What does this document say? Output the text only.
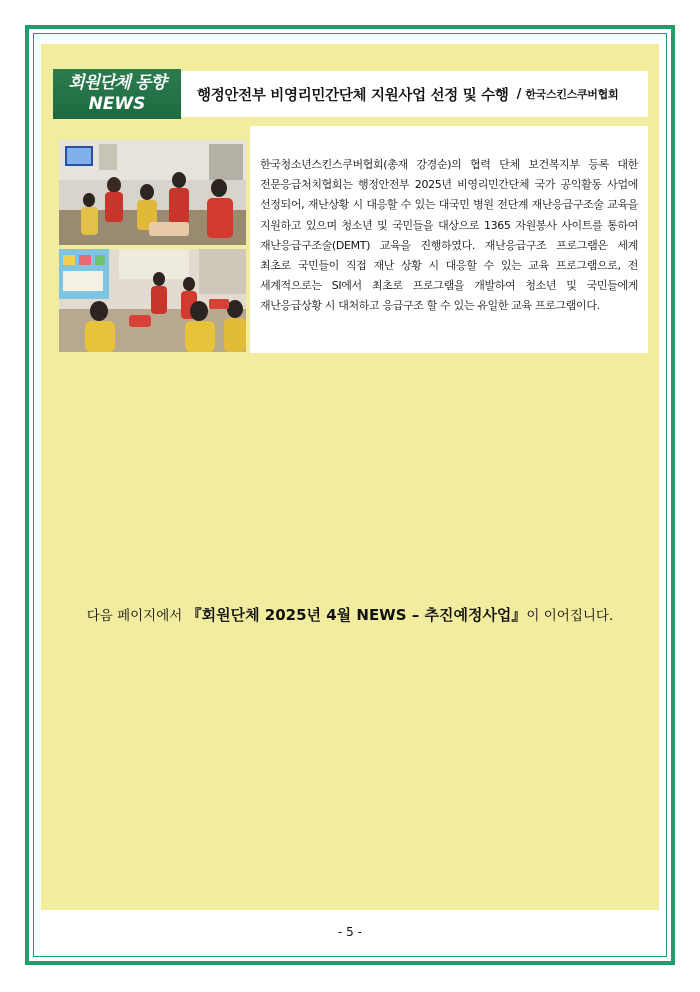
회원단체 동향
NEWS	행정안전부 비영리민간단체 지원사업 선정 및 수행 / 한국스킨스쿠버협회

한국청소년스킨스쿠버협회(총재 강경순)의 협력 단체 보건복지부 등록 대한 전문응급처치협회는 행정안전부 2025년 비영리민간단체 국가 공익활동 사업에 선정되어, 재난상황 시 대응할 수 있는 대국민 병원 전단계 재난응급구조술 교육을 지원하고 있으며 청소년 및 국민들을 대상으로 1365 자원봉사 사이트를 통하여 재난응급구조술(DEMT) 교육을 진행하였다. 재난응급구조 프로그램은 세계 최초로 국민들이 직접 재난 상황 시 대응할 수 있는 교육 프로그램으로, 전 세계적으로는 SI에서 최초로 프로그램을 개발하여 청소년 및 국민들에게 재난응급상황 시 대처하고 응급구조 할 수 있는 유일한 교육 프로그램이다.

다음 페이지에서 『회원단체 2025년 4월 NEWS – 추진예정사업』이 이어집니다.
- 5 -
